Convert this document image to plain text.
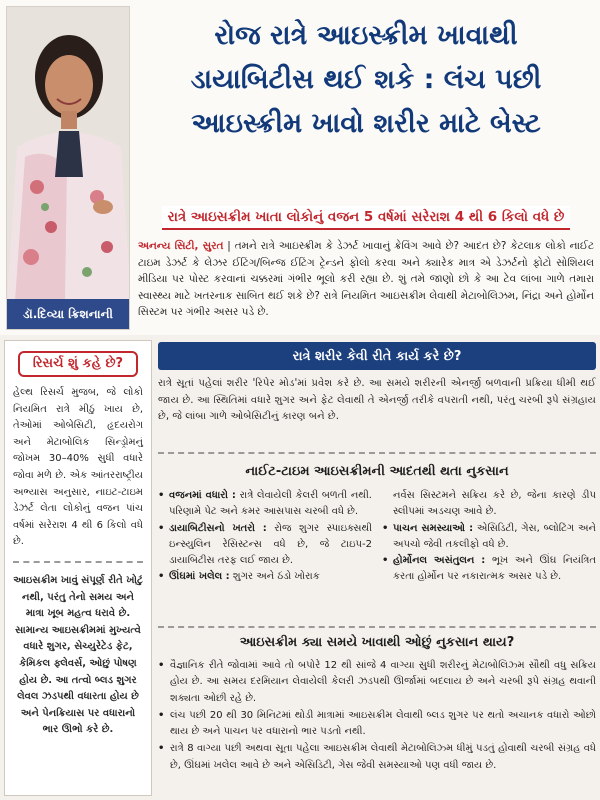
ડૉ.દિવ્યા ક્રિશનાની
રોજ રાત્રે આઇસ્ક્રીમ ખાવાથી
ડાયાબિટીસ થઈ શકે : લંચ પછી
આઇસ્ક્રીમ ખાવો શરીર માટે બેસ્ટ
રાત્રે આઇસક્રીમ ખાતા લોકોનું વજન 5 વર્ષમાં સરેરાશ 4 થી 6 કિલો વધે છે

અનન્ય સિટી, સુરત | તમને રાત્રે આઇસ્ક્રીમ કે ડેઝર્ટ ખાવાનું ક્રેવિંગ આવે છે? આદત છે? કેટલાક લોકો નાઈટ ટાઇમ ડેઝર્ટ કે લેઝર ઈટિંગ/બિન્જ ઈટિંગ ટ્રેન્ડને ફોલો કરવા અને ક્યારેક માત્ર એ ડેઝર્ટનો ફોટો સોશિયલ મીડિયા પર પોસ્ટ કરવાનાં ચક્કરમાં ગંભીર ભૂલો કરી રહ્યા છે. શું તમે જાણો છો કે આ ટેવ લાંબા ગાળે તમારા સ્વાસ્થ્ય માટે ખતરનાક સાબિત થઈ શકે છે? રાત્રે નિયમિત આઇસક્રીમ લેવાથી મેટાબોલિઝમ, નિંદ્રા અને હોર્મોન સિસ્ટમ પર ગંભીર અસર પડે છે.

રિસર્ચ શું કહે છે?

હેલ્થ રિસર્ચ મુજબ, જે લોકો નિયમિત રાત્રે મીઠું ખાય છે, તેઓમાં ઓબેસિટી, હૃદયરોગ અને મેટાબોલિક સિન્ડ્રોમનું જોખમ 30–40% સુધી વધારે જોવા મળે છે. એક આંતરરાષ્ટ્રીય અભ્યાસ અનુસાર, નાઇટ-ટાઇમ ડેઝર્ટ લેતા લોકોનું વજન પાંચ વર્ષમાં સરેરાશ 4 થી 6 કિલો વધે છે.

આઇસક્રીમ ખાવું સંપૂર્ણ રીતે ખોટું નથી, પરંતુ તેનો સમય અને માત્રા ખૂબ મહત્વ ધરાવે છે. સામાન્ય આઇસક્રીમમાં મુખ્યત્વે વધારે શુગર, સેચ્યુરેટેડ ફેટ, કેમિકલ ફ્લેવર્સ, ઓછું પોષણ હોય છે. આ તત્વો બ્લડ શુગર લેવલ ઝડપથી વધારતા હોય છે અને પેનક્રિયાસ પર વધારાનો ભાર ઊભો કરે છે.

રાત્રે શરીર કેવી રીતે કાર્ય કરે છે?

રાત્રે સૂતાં પહેલાં શરીર 'રિપેર મોડ'માં પ્રવેશ કરે છે. આ સમયે શરીરની એનર્જી બળવાની પ્રક્રિયા ધીમી થઈ જાય છે. આ સ્થિતિમાં વધારે શુગર અને ફેટ લેવાથી તે એનર્જી તરીકે વપરાતી નથી, પરંતુ ચરબી રૂપે સંગ્રહાય છે, જે લાંબા ગાળે ઓબેસિટીનું કારણ બને છે.

નાઈટ-ટાઇમ આઇસક્રીમની આદતથી થતા નુકસાન
• વજનમાં વધારો : રાત્રે લેવાયેલી કેલરી બળતી નથી. પરિણામે પેટ અને કમર આસપાસ ચરબી વધે છે.
• ડાયાબિટીસનો ખતરો : રોજ શુગર સ્પાઇક્સથી ઇન્સ્યુલિન રેસિસ્ટન્સ વધે છે, જે ટાઇપ-2 ડાયાબિટીસ તરફ લઈ જાય છે.
• ઊંઘમાં ખલેલ : શુગર અને ઠંડો ખોરાક
નર્વસ સિસ્ટમને સક્રિય કરે છે, જેના કારણે ડીપ સ્લીપમાં અડચણ આવે છે.
• પાચન સમસ્યાઓ : એસિડિટી, ગેસ, બ્લોટિંગ અને અપચો જેવી તકલીફો વધે છે.
• હોર્મોનલ અસંતુલન : ભૂખ અને ઊંઘ નિયંત્રિત કરતા હોર્મોન પર નકારાત્મક અસર પડે છે.
આઇસક્રીમ ક્યા સમયે ખાવાથી ઓછું નુકસાન થાય?
• વૈજ્ઞાનિક રીતે જોવામાં આવે તો બપોરે 12 થી સાંજે 4 વાગ્યા સુધી શરીરનું મેટાબોલિઝ્મ સૌથી વધુ સક્રિય હોય છે. આ સમય દરમિયાન લેવાયેલી કેલરી ઝડપથી ઊર્જામાં બદલાય છે અને ચરબી રૂપે સંગ્રહ થવાની શક્યતા ઓછી રહે છે.
• લંચ પછી 20 થી 30 મિનિટમાં થોડી માત્રામાં આઇસક્રીમ લેવાથી બ્લડ શુગર પર થતો અચાનક વધારો ઓછો થાય છે અને પાચન પર વધારાનો ભાર પડતો નથી.
• રાત્રે 8 વાગ્યા પછી અથવા સૂતા પહેલા આઇસક્રીમ લેવાથી મેટાબોલિઝ્મ ધીમું પડતું હોવાથી ચરબી સંગ્રહ વધે છે, ઊંઘમાં ખલેલ આવે છે અને એસિડિટી, ગેસ જેવી સમસ્યાઓ પણ વધી જાય છે.
